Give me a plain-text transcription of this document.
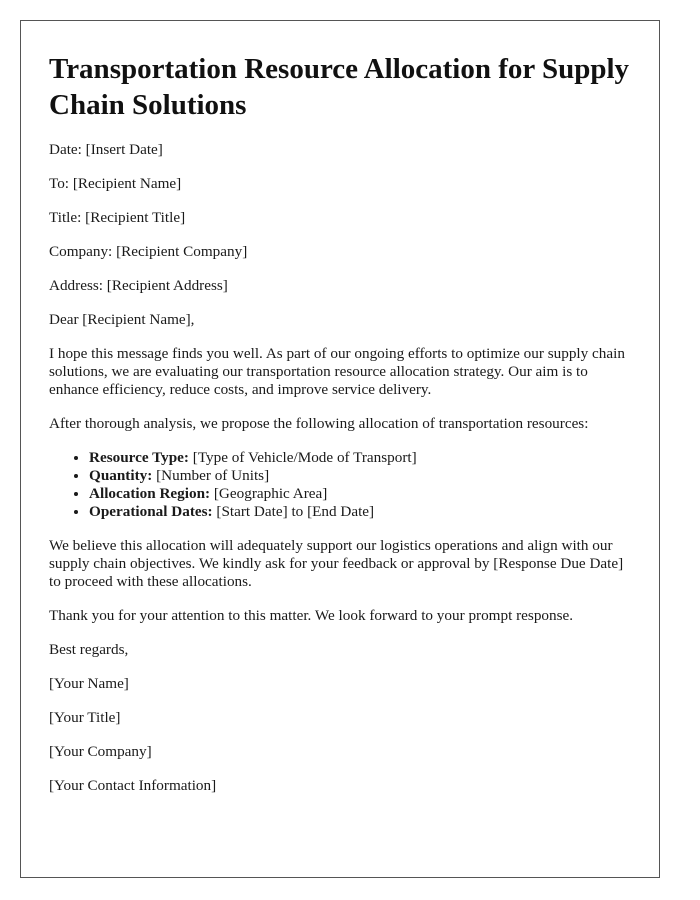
Transportation Resource Allocation for Supply Chain Solutions

Date: [Insert Date]

To: [Recipient Name]

Title: [Recipient Title]

Company: [Recipient Company]

Address: [Recipient Address]

Dear [Recipient Name],

I hope this message finds you well. As part of our ongoing efforts to optimize our supply chain solutions, we are evaluating our transportation resource allocation strategy. Our aim is to enhance efficiency, reduce costs, and improve service delivery.

After thorough analysis, we propose the following allocation of transportation resources:

• Resource Type: [Type of Vehicle/Mode of Transport]
• Quantity: [Number of Units]
• Allocation Region: [Geographic Area]
• Operational Dates: [Start Date] to [End Date]

We believe this allocation will adequately support our logistics operations and align with our supply chain objectives. We kindly ask for your feedback or approval by [Response Due Date] to proceed with these allocations.

Thank you for your attention to this matter. We look forward to your prompt response.

Best regards,

[Your Name]

[Your Title]

[Your Company]

[Your Contact Information]
